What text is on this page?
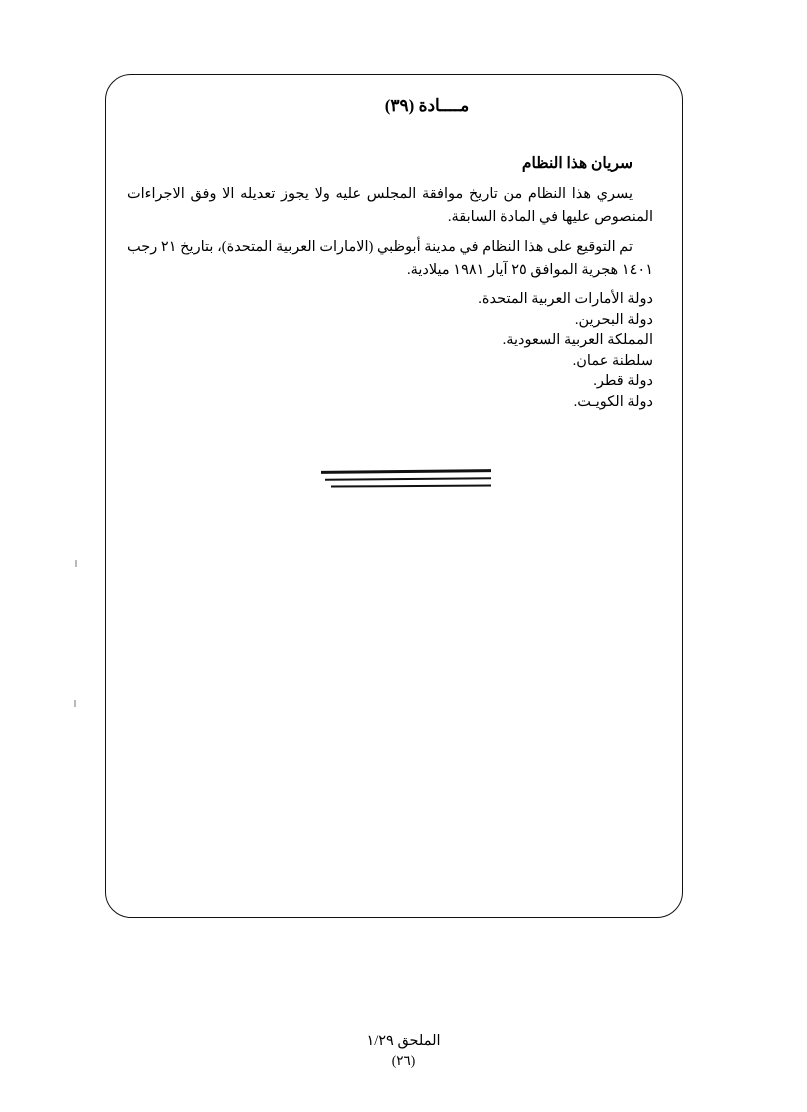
مــــادة (٣٩)
سريان هذا النظام

يسري هذا النظام من تاريخ موافقة المجلس عليه ولا يجوز تعديله الا وفق الاجراءات المنصوص عليها في المادة السابقة.

تم التوقيع على هذا النظام في مدينة أبوظبي (الامارات العربية المتحدة)، بتاريخ ٢١ رجب ١٤٠١ هجرية الموافق ٢٥ آيار ١٩٨١ ميلادية.

دولة الأمارات العربية المتحدة.
دولة البحرين.
المملكة العربية السعودية.
سلطنة عمان.
دولة قطر.
دولة الكويـت.
الملحق ١/٢٩
(٢٦)
